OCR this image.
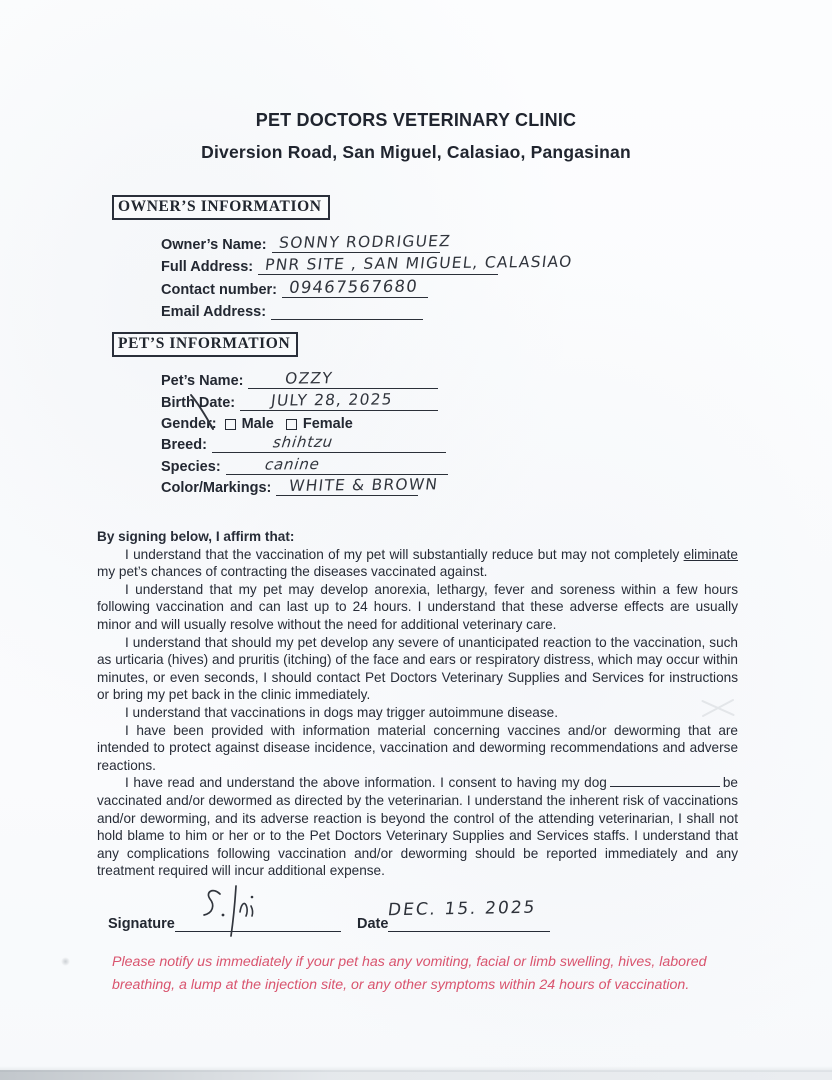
PET DOCTORS VETERINARY CLINIC
Diversion Road, San Miguel, Calasiao, Pangasinan
OWNER’S INFORMATION
Owner’s Name: SONNY RODRIGUEZ
Full Address: PNR SITE , SAN MIGUEL, CALASIAO
Contact number: 09467567680
Email Address:
PET’S INFORMATION
Pet’s Name:	OZZY
Birth Date:	JULY 28, 2025
Gender: Male Female
Breed:	shihtzu
Species:	canine
Color/Markings:	WHITE & BROWN

By signing below, I affirm that:

I understand that the vaccination of my pet will substantially reduce but may not completely eliminate my pet’s chances of contracting the diseases vaccinated against.

I understand that my pet may develop anorexia, lethargy, fever and soreness within a few hours following vaccination and can last up to 24 hours. I understand that these adverse effects are usually minor and will usually resolve without the need for additional veterinary care.

I understand that should my pet develop any severe of unanticipated reaction to the vaccination, such as urticaria (hives) and pruritis (itching) of the face and ears or respiratory distress, which may occur within minutes, or even seconds, I should contact Pet Doctors Veterinary Supplies and Services for instructions or bring my pet back in the clinic immediately.

I understand that vaccinations in dogs may trigger autoimmune disease.

I have been provided with information material concerning vaccines and/or deworming that are intended to protect against disease incidence, vaccination and deworming recommendations and adverse reactions.

I have read and understand the above information. I consent to having my dog	be vaccinated and/or dewormed as directed by the veterinarian. I understand the inherent risk of vaccinations and/or deworming, and its adverse reaction is beyond the control of the attending veterinarian, I shall not hold blame to him or her or to the Pet Doctors Veterinary Supplies and Services staffs. I understand that any complications following vaccination and/or deworming should be reported immediately and any treatment required will incur additional expense.

Signature	Date
DEC. 15. 2025
Please notify us immediately if your pet has any vomiting, facial or limb swelling, hives, labored breathing, a lump at the injection site, or any other symptoms within 24 hours of vaccination.
